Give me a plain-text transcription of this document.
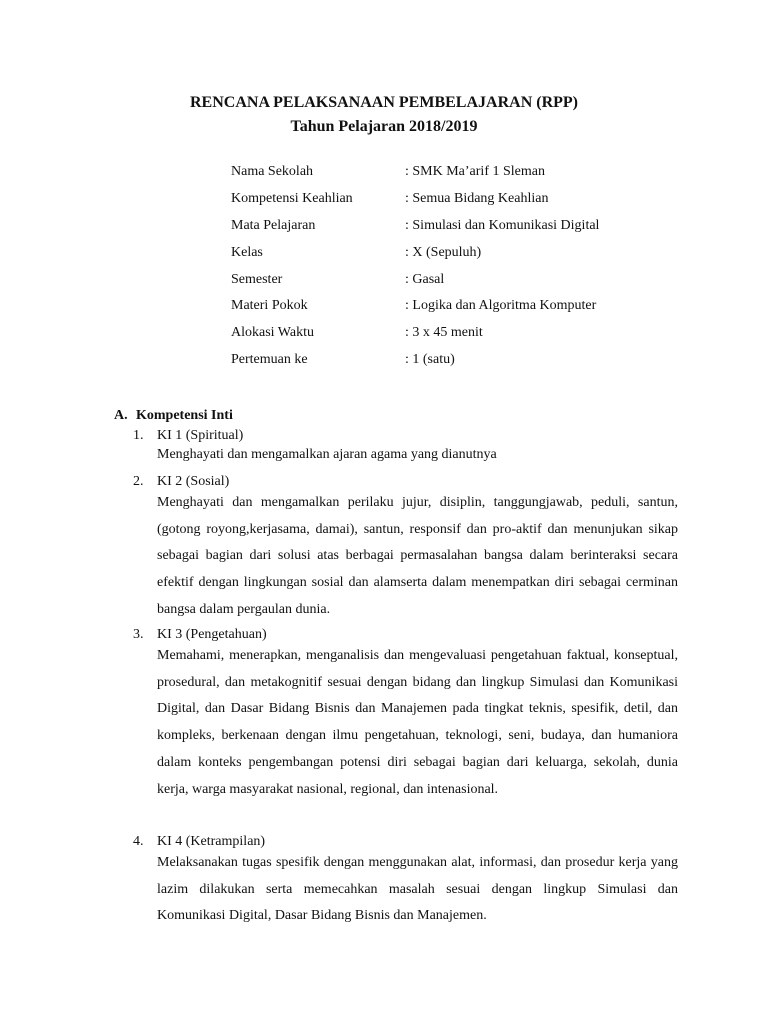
RENCANA PELAKSANAAN PEMBELAJARAN (RPP)
Tahun Pelajaran 2018/2019
Nama Sekolah	: SMK Ma’arif 1 Sleman
Kompetensi Keahlian	: Semua Bidang Keahlian
Mata Pelajaran	: Simulasi dan Komunikasi Digital
Kelas	: X (Sepuluh)
Semester	: Gasal
Materi Pokok	: Logika dan Algoritma Komputer
Alokasi Waktu	: 3 x 45 menit
Pertemuan ke	: 1 (satu)
A. Kompetensi Inti
1. KI 1 (Spiritual)
Menghayati dan mengamalkan ajaran agama yang dianutnya
2. KI 2 (Sosial)
Menghayati dan mengamalkan perilaku jujur, disiplin, tanggungjawab, peduli, santun, (gotong royong,kerjasama, damai), santun, responsif dan pro-aktif dan menunjukan sikap sebagai bagian dari solusi atas berbagai permasalahan bangsa dalam berinteraksi secara efektif dengan lingkungan sosial dan alamserta dalam menempatkan diri sebagai cerminan bangsa dalam pergaulan dunia.
3. KI 3 (Pengetahuan)
Memahami, menerapkan, menganalisis dan mengevaluasi pengetahuan faktual, konseptual, prosedural, dan metakognitif sesuai dengan bidang dan lingkup Simulasi dan Komunikasi Digital, dan Dasar Bidang Bisnis dan Manajemen pada tingkat teknis, spesifik, detil, dan kompleks, berkenaan dengan ilmu pengetahuan, teknologi, seni, budaya, dan humaniora dalam konteks pengembangan potensi diri sebagai bagian dari keluarga, sekolah, dunia kerja, warga masyarakat nasional, regional, dan intenasional.
4. KI 4 (Ketrampilan)
Melaksanakan tugas spesifik dengan menggunakan alat, informasi, dan prosedur kerja yang lazim dilakukan serta memecahkan masalah sesuai dengan lingkup Simulasi dan Komunikasi Digital, Dasar Bidang Bisnis dan Manajemen.
